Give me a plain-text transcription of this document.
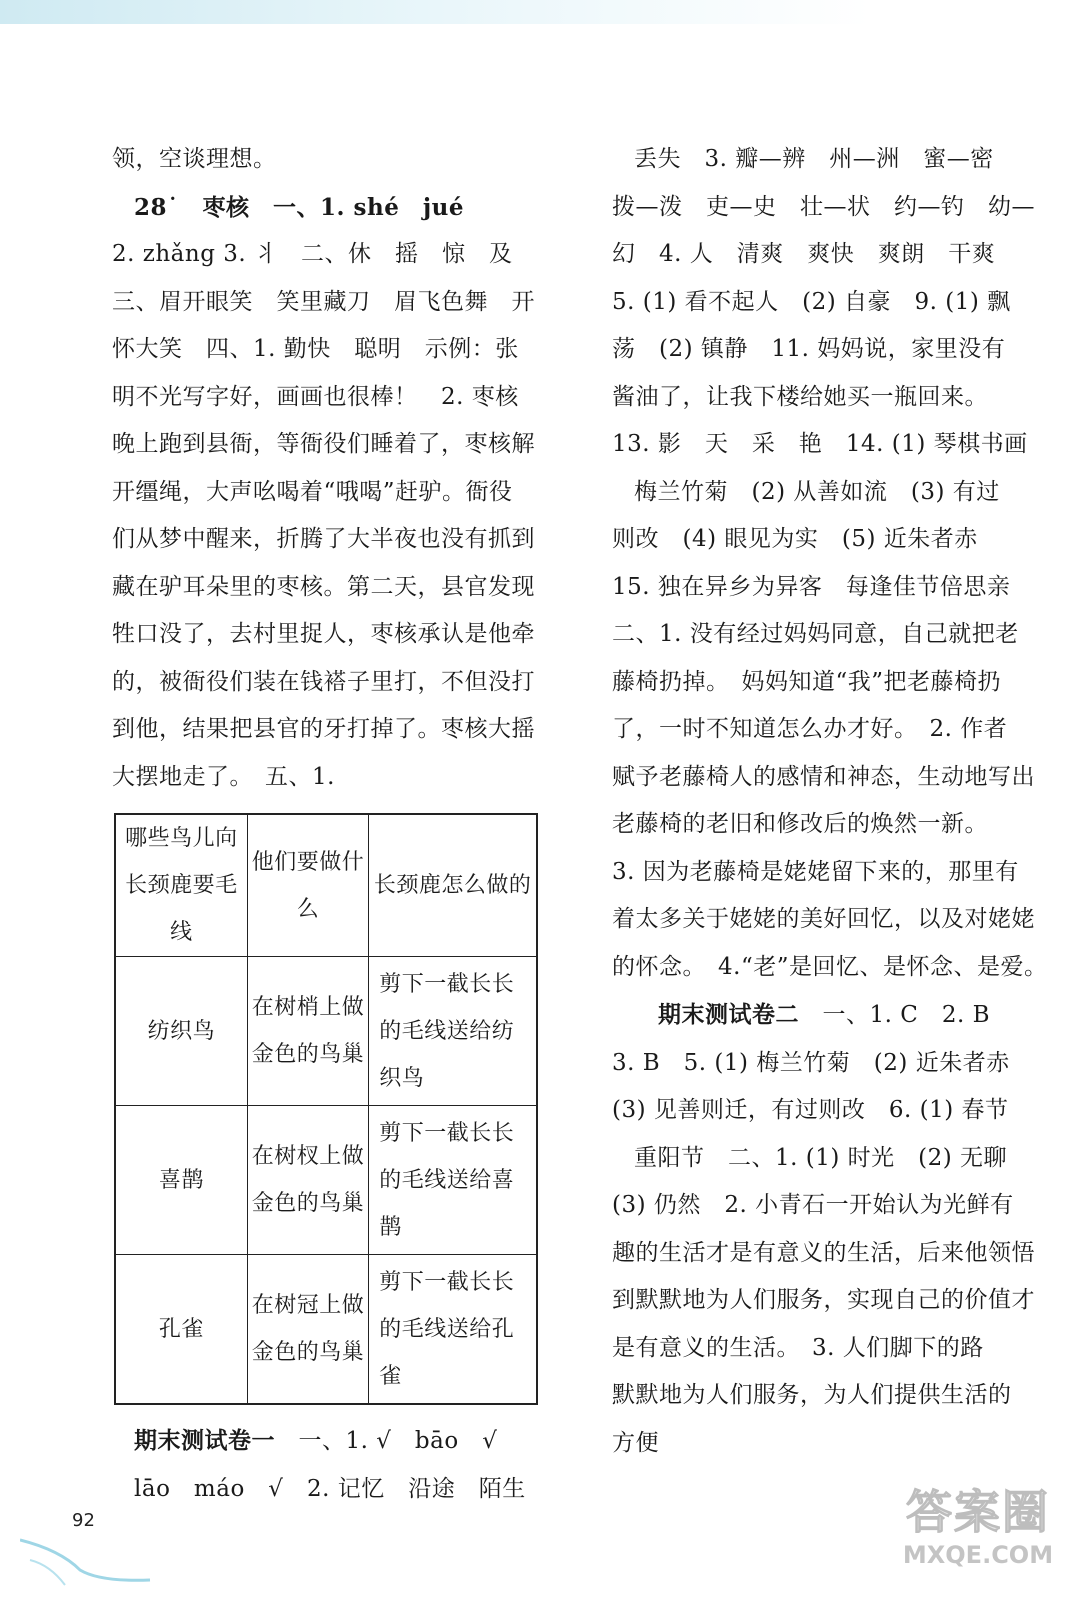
领，空谈理想。

28˙　枣核　一、1. shé　jué

2. zhǎng 3. 丬　二、休　摇　惊　及

三、眉开眼笑　笑里藏刀　眉飞色舞　开

怀大笑　四、1. 勤快　聪明　示例：张

明不光写字好，画画也很棒！　2. 枣核

晚上跑到县衙，等衙役们睡着了，枣核解

开缰绳，大声吆喝着“哦喝”赶驴。衙役

们从梦中醒来，折腾了大半夜也没有抓到

藏在驴耳朵里的枣核。第二天，县官发现

牲口没了，去村里捉人，枣核承认是他牵

的，被衙役们装在钱褡子里打，不但没打

到他，结果把县官的牙打掉了。枣核大摇

大摆地走了。　五、1.

哪些鸟儿向长颈鹿要毛线	他们要做什么	长颈鹿怎么做的
纺织鸟	在树梢上做金色的鸟巢	剪下一截长长的毛线送给纺织鸟
喜鹊	在树杈上做金色的鸟巢	剪下一截长长的毛线送给喜鹊
孔雀	在树冠上做金色的鸟巢	剪下一截长长的毛线送给孔雀

期末测试卷一　一、1. √　bāo　√

lāo　máo　√　2. 记忆　沿途　陌生

丢失　3. 瓣—辨　州—洲　蜜—密

拨—泼　吏—史　壮—状　约—钓　幼—

幻　4. 人　清爽　爽快　爽朗　干爽

5. (1) 看不起人　(2) 自豪　9. (1) 飘

荡　(2) 镇静　11. 妈妈说，家里没有

酱油了，让我下楼给她买一瓶回来。

13. 影　天　采　艳　14. (1) 琴棋书画

梅兰竹菊　(2) 从善如流　(3) 有过

则改　(4) 眼见为实　(5) 近朱者赤

15. 独在异乡为异客　每逢佳节倍思亲

二、1. 没有经过妈妈同意，自己就把老

藤椅扔掉。　妈妈知道“我”把老藤椅扔

了，一时不知道怎么办才好。　2. 作者

赋予老藤椅人的感情和神态，生动地写出

老藤椅的老旧和修改后的焕然一新。

3. 因为老藤椅是姥姥留下来的，那里有

着太多关于姥姥的美好回忆，以及对姥姥

的怀念。　4.“老”是回忆、是怀念、是爱。

期末测试卷二　一、1. C　2. B

3. B　5. (1) 梅兰竹菊　(2) 近朱者赤

(3) 见善则迁，有过则改　6. (1) 春节

重阳节　二、1. (1) 时光　(2) 无聊

(3) 仍然　2. 小青石一开始认为光鲜有

趣的生活才是有意义的生活，后来他领悟

到默默地为人们服务，实现自己的价值才

是有意义的生活。　3. 人们脚下的路

默默地为人们服务，为人们提供生活的

方便

92	答案圈
MXQE.COM
